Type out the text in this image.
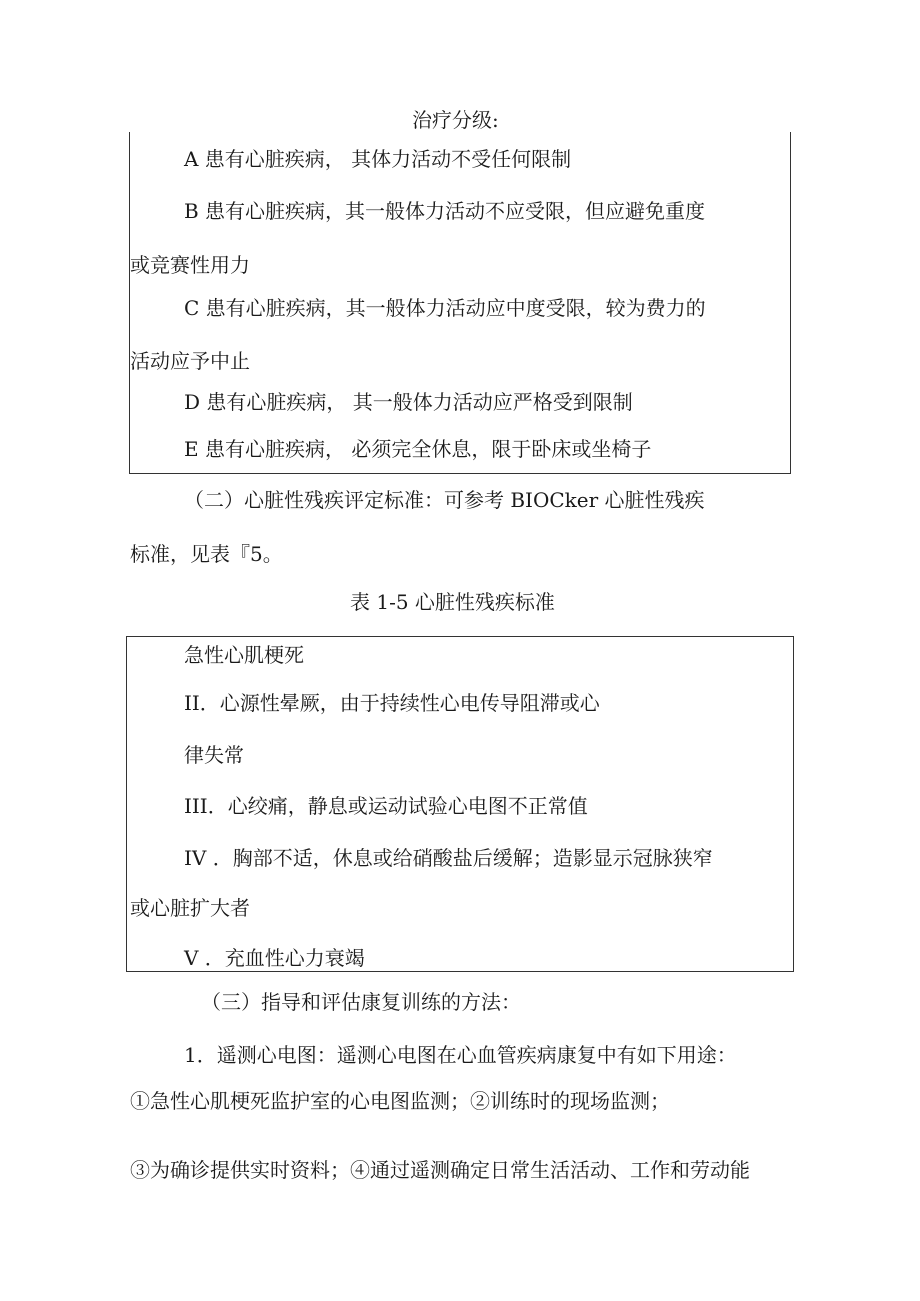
治疗分级:
A 患有心脏疾病， 其体力活动不受任何限制
B 患有心脏疾病，其一般体力活动不应受限，但应避免重度
或竞赛性用力
C 患有心脏疾病，其一般体力活动应中度受限，较为费力的
活动应予中止
D 患有心脏疾病， 其一般体力活动应严格受到限制
E 患有心脏疾病， 必须完全休息，限于卧床或坐椅子
（二）心脏性残疾评定标准：可参考 BIOCker 心脏性残疾
标准，见表『5。
表 1-5 心脏性残疾标准
急性心肌梗死
II．心源性晕厥，由于持续性心电传导阻滞或心
律失常
III．心绞痛，静息或运动试验心电图不正常值
IV ．胸部不适，休息或给硝酸盐后缓解；造影显示冠脉狭窄
或心脏扩大者
V ．充血性心力衰竭
（三）指导和评估康复训练的方法：
1．遥测心电图：遥测心电图在心血管疾病康复中有如下用途：
①急性心肌梗死监护室的心电图监测；②训练时的现场监测；
③为确诊提供实时资料；④通过遥测确定日常生活活动、工作和劳动能
